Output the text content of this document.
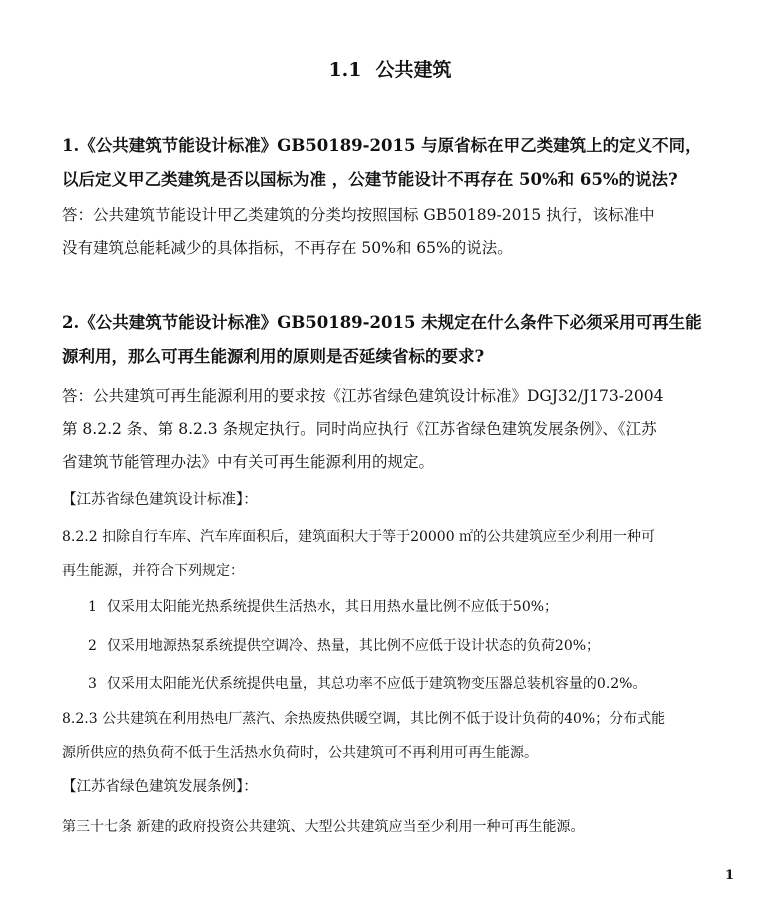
1.1 公共建筑

1.《公共建筑节能设计标准》GB50189-2015 与原省标在甲乙类建筑上的定义不同，
以后定义甲乙类建筑是否以国标为准 ，公建节能设计不再存在 50%和 65%的说法?

答：公共建筑节能设计甲乙类建筑的分类均按照国标 GB50189-2015 执行，该标准中
没有建筑总能耗减少的具体指标，不再存在 50%和 65%的说法。

2.《公共建筑节能设计标准》GB50189-2015 未规定在什么条件下必须采用可再生能
源利用，那么可再生能源利用的原则是否延续省标的要求?

答：公共建筑可再生能源利用的要求按《江苏省绿色建筑设计标准》DGJ32/J173-2004
第 8.2.2 条、第 8.2.3 条规定执行。同时尚应执行《江苏省绿色建筑发展条例》、《江苏
省建筑节能管理办法》中有关可再生能源利用的规定。

【江苏省绿色建筑设计标准】：

8.2.2 扣除自行车库、汽车库面积后，建筑面积大于等于20000 ㎡的公共建筑应至少利用一种可
再生能源，并符合下列规定：

1 仅采用太阳能光热系统提供生活热水，其日用热水量比例不应低于50%；

2 仅采用地源热泵系统提供空调冷、热量，其比例不应低于设计状态的负荷20%；

3 仅采用太阳能光伏系统提供电量，其总功率不应低于建筑物变压器总装机容量的0.2%。

8.2.3 公共建筑在利用热电厂蒸汽、余热废热供暖空调，其比例不低于设计负荷的40%；分布式能
源所供应的热负荷不低于生活热水负荷时，公共建筑可不再利用可再生能源。

【江苏省绿色建筑发展条例】：

第三十七条 新建的政府投资公共建筑、大型公共建筑应当至少利用一种可再生能源。

1
